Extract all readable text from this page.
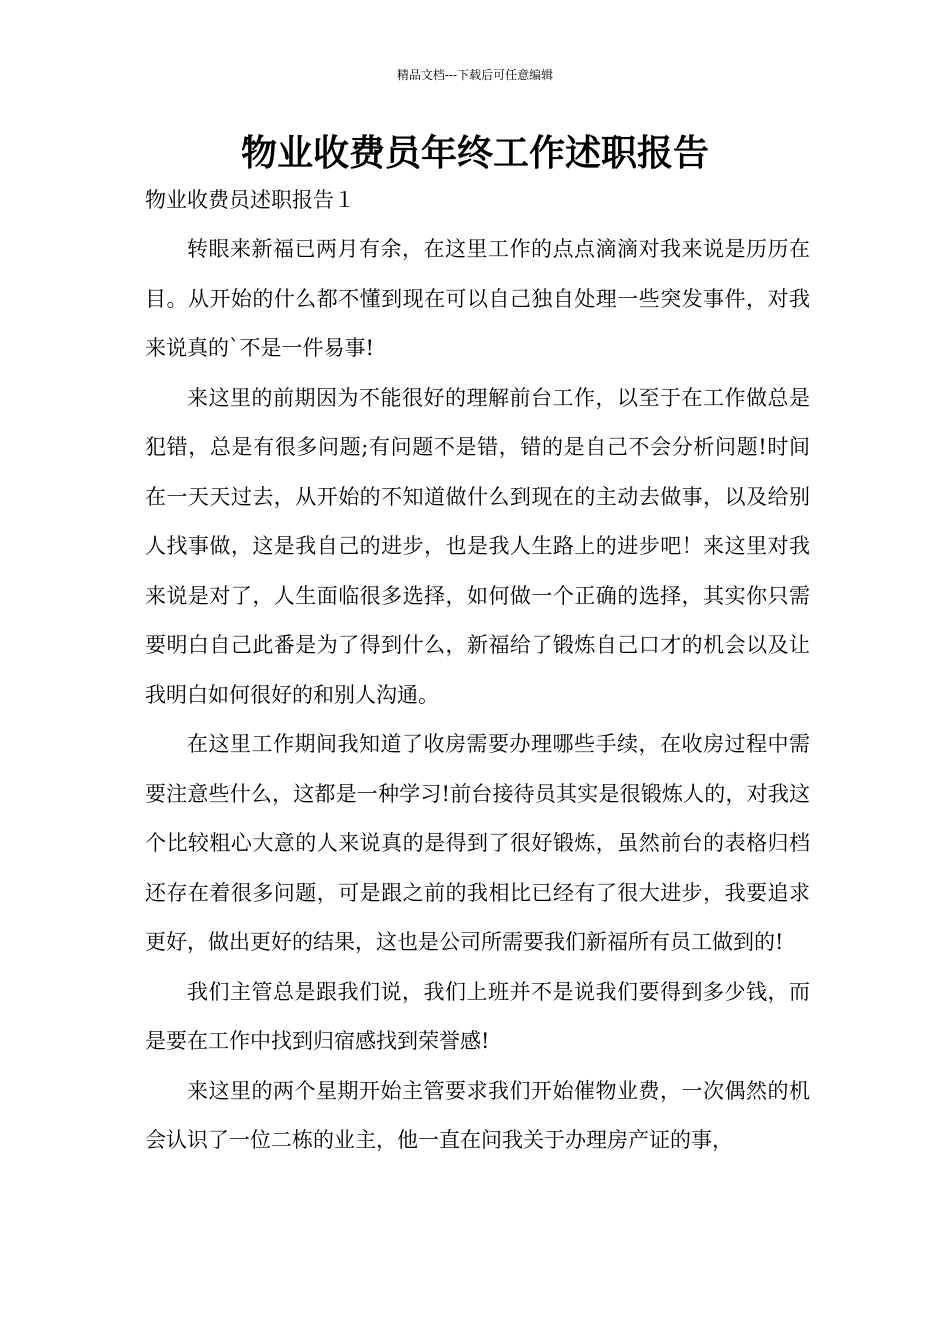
精品文档---下载后可任意编辑
物业收费员年终工作述职报告
物业收费员述职报告１

转眼来新福已两月有余，在这里工作的点点滴滴对我来说是历历在目。从开始的什么都不懂到现在可以自己独自处理一些突发事件，对我来说真的`不是一件易事!

来这里的前期因为不能很好的理解前台工作，以至于在工作做总是犯错，总是有很多问题;有问题不是错，错的是自己不会分析问题!时间在一天天过去，从开始的不知道做什么到现在的主动去做事，以及给别人找事做，这是我自己的进步，也是我人生路上的进步吧！来这里对我来说是对了，人生面临很多选择，如何做一个正确的选择，其实你只需要明白自己此番是为了得到什么，新福给了锻炼自己口才的机会以及让我明白如何很好的和别人沟通。

在这里工作期间我知道了收房需要办理哪些手续，在收房过程中需要注意些什么，这都是一种学习!前台接待员其实是很锻炼人的，对我这个比较粗心大意的人来说真的是得到了很好锻炼，虽然前台的表格归档还存在着很多问题，可是跟之前的我相比已经有了很大进步，我要追求更好，做出更好的结果，这也是公司所需要我们新福所有员工做到的!

我们主管总是跟我们说，我们上班并不是说我们要得到多少钱，而是要在工作中找到归宿感找到荣誉感!

来这里的两个星期开始主管要求我们开始催物业费，一次偶然的机会认识了一位二栋的业主，他一直在问我关于办理房产证的事，
